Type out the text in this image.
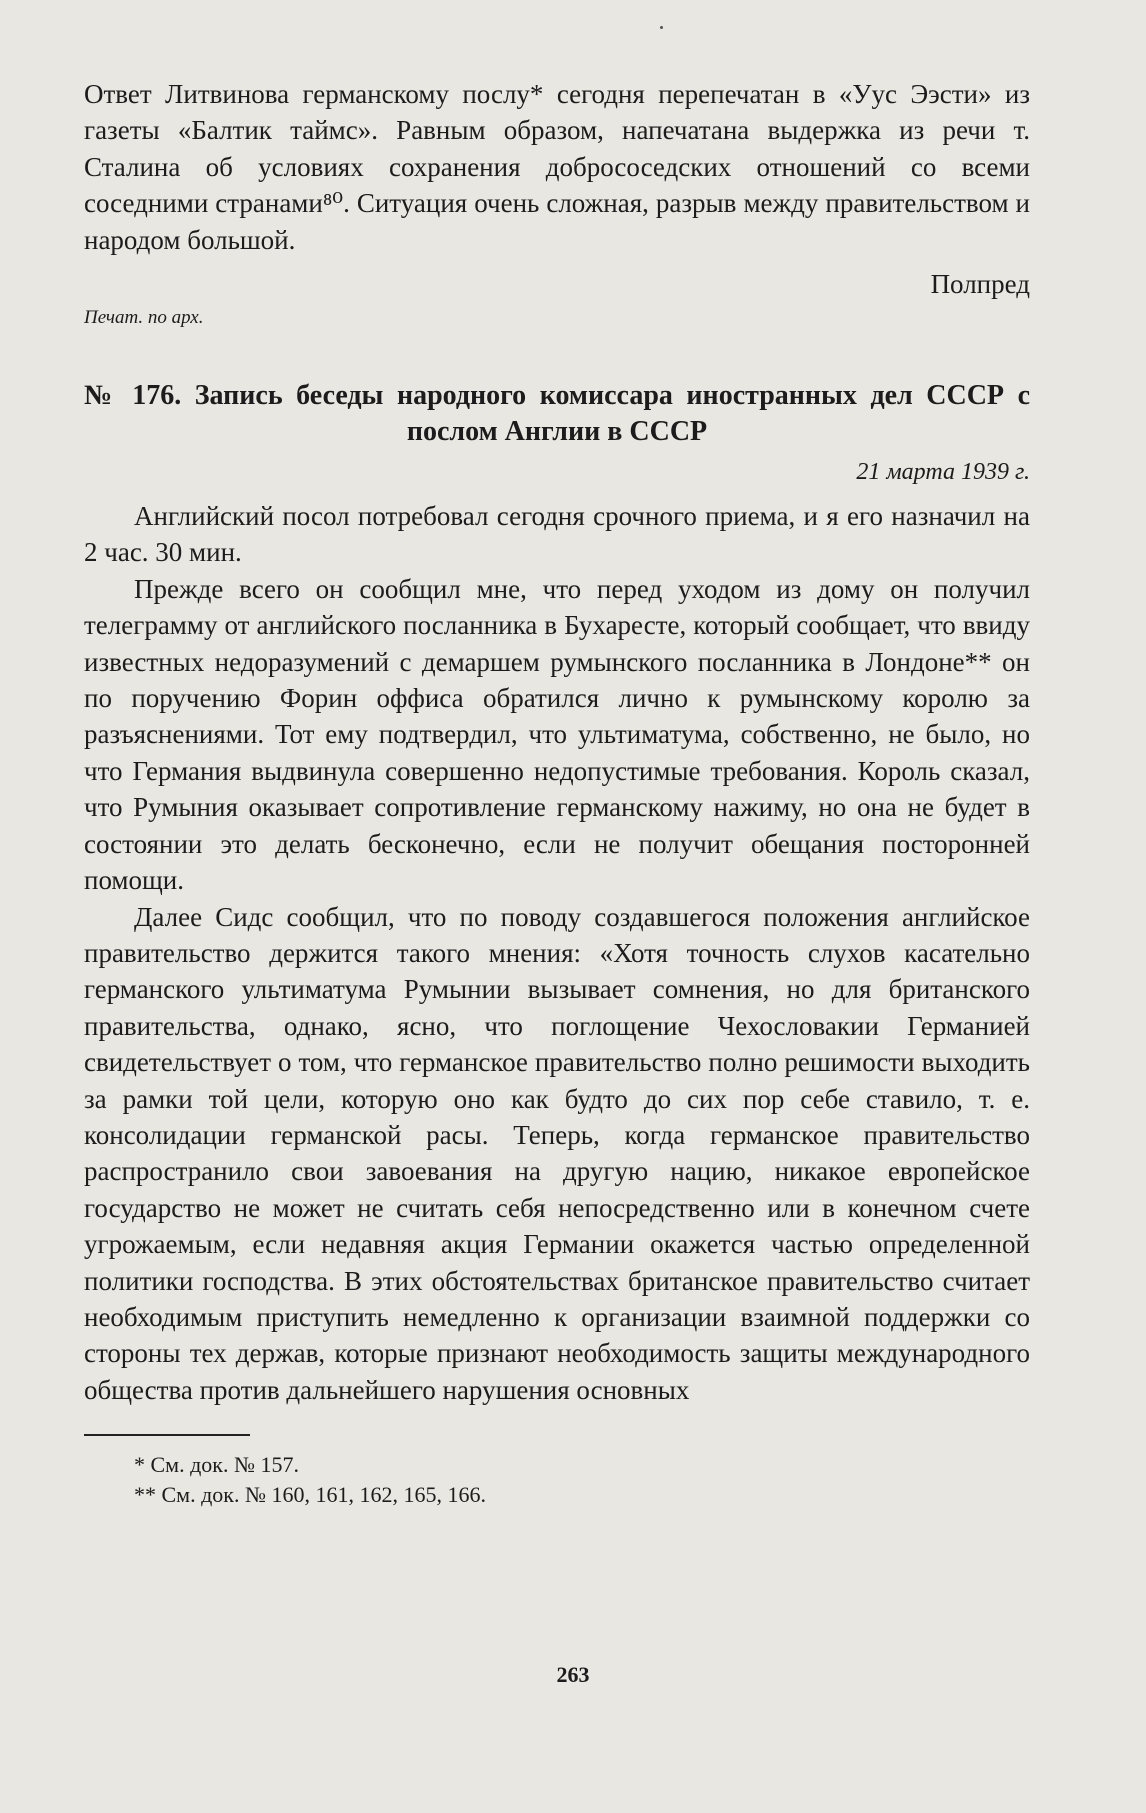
Ответ Литвинова германскому послу* сегодня перепечатан в «Уус Ээсти» из газеты «Балтик таймс». Равным образом, напечатана выдержка из речи т. Сталина об условиях сохранения добрососедских отношений со всеми соседними странами⁸⁰. Ситуация очень сложная, разрыв между правительством и народом большой.

Полпред

Печат. по арх.

№ 176. Запись беседы народного комиссара иностранных дел СССР с послом Англии в СССР

21 марта 1939 г.

Английский посол потребовал сегодня срочного приема, и я его назначил на 2 час. 30 мин.

Прежде всего он сообщил мне, что перед уходом из дому он получил телеграмму от английского посланника в Бухаресте, который сообщает, что ввиду известных недоразумений с демаршем румынского посланника в Лондоне** он по поручению Форин оффиса обратился лично к румынскому королю за разъяснениями. Тот ему подтвердил, что ультиматума, собственно, не было, но что Германия выдвинула совершенно недопустимые требования. Король сказал, что Румыния оказывает сопротивление германскому нажиму, но она не будет в состоянии это делать бесконечно, если не получит обещания посторонней помощи.

Далее Сидс сообщил, что по поводу создавшегося положения английское правительство держится такого мнения: «Хотя точность слухов касательно германского ультиматума Румынии вызывает сомнения, но для британского правительства, однако, ясно, что поглощение Чехословакии Германией свидетельствует о том, что германское правительство полно решимости выходить за рамки той цели, которую оно как будто до сих пор себе ставило, т. е. консолидации германской расы. Теперь, когда германское правительство распространило свои завоевания на другую нацию, никакое европейское государство не может не считать себя непосредственно или в конечном счете угрожаемым, если недавняя акция Германии окажется частью определенной политики господства. В этих обстоятельствах британское правительство считает необходимым приступить немедленно к организации взаимной поддержки со стороны тех держав, которые признают необходимость защиты международного общества против дальнейшего нарушения основных

* См. док. № 157.

** См. док. № 160, 161, 162, 165, 166.

263
